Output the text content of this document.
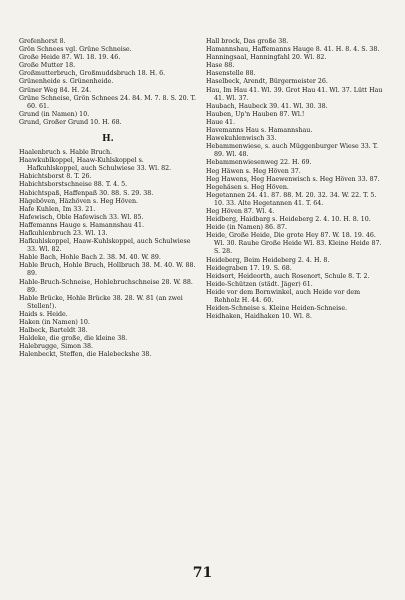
Grefenhorst 8.

Grön Schnees vgl. Grüne Schneise.

Große Heide 87. Wl. 18. 19. 46.

Große Mutter 18.

Großmutterbruch, Großmuddsbruch 18. H. 6.

Grünenheide s. Grünenheide.

Grüner Weg 84. H. 24.

Grüne Schneise, Grön Schnees 24. 84. M. 7. 8. S. 20. T. 60. 61.

Grund (in Namen) 10.

Grund, Großer Grund 10. H. 68.

H.

Haalenbruch s. Hable Bruch.

Haawkublkoppel, Haaw-Kuhlskoppel s. Hafkuhlskoppel, auch Schulwiese 33. Wl. 82.

Habichtsborst 8. T. 26.

Habichtsborstschneise 88. T. 4. 5.

Habichtspaß, Haffenpaß 30. 88. S. 29. 38.

Hägeböven, Häzhöven s. Heg Höven.

Hafe Kuhlen, Im 33. 21.

Hafewisch, Oble Hafewisch 33. Wl. 85.

Haffemanns Hauge s. Hamannshau 41.

Hafkuhlenbruch 23. Wl. 13.

Hafkuhlskoppel, Haaw-Kuhlskoppel, auch Schulwiese 33. Wl. 82.

Hable Bach, Hohle Bach 2. 38. M. 40. W. 89.

Hable Bruch, Hohle Bruch, Hollbruch 38. M. 40. W. 88. 89.

Hable-Bruch-Schneise, Hohlebruchschneise 28. W. 88. 89.

Hable Brücke, Hohle Brücke 38. 28. W. 81 (an zwei Stellen!).

Haids s. Heide.

Haken (in Namen) 10.

Halbeck, Barteldt 38.

Haldeke, die große, die kleine 38.

Halebrugge, Simon 38.

Halenbeckt, Steffen, die Halebeckshe 38.

Hall brock, Das große 38.

Hamannshau, Haffemanns Hauge 8. 41. H. 8. 4. S. 38.

Hanningsaal, Hanningfahl 20. Wl. 82.

Hase 88.

Hasenstelle 88.

Haselbeck, Arendt, Bürgermeister 26.

Hau, Im Hau 41. Wl. 39. Grot Hau 41. Wl. 37. Lütt Hau 41. Wl. 37.

Haubach, Haubeck 39. 41. Wl. 30. 38.

Hauben, Up'n Hauben 87. Wl.!

Haue 41.

Havemanns Hau s. Hamannshau.

Hawekuhlenwisch 33.

Hebammenwiese, s. auch Müggenburger Wiese 33. T. 89. Wl. 48.

Hebammenwiesenweg 22. H. 69.

Heg Häwen s. Heg Höven 37.

Heg Hawens, Heg Haewenwisch s. Heg Höven 33. 87.

Hegehäsen s. Heg Höven.

Hegetannen 24. 41. 87. 88. M. 20. 32. 34. W. 22. T. 5. 10. 33. Alte Hegetannen 41. T. 64.

Heg Höven 87. Wl. 4.

Heidberg, Haidbarg s. Heideberg 2. 4. 10. H. 8. 10.

Heide (in Namen) 86. 87.

Heide, Große Heide, Die grote Hey 87. W. 18. 19. 46. Wl. 30. Rauhe Große Heide Wl. 83. Kleine Heide 87. S. 28.

Heideberg, Beim Heideberg 2. 4. H. 8.

Heidegraben 17. 19. S. 68.

Heidsort, Heideorth, auch Rosenort, Schule 8. T. 2.

Heide-Schützen (städt. Jäger) 61.

Heide vor dem Bornwinkel, auch Heide vor dem Rehholz H. 44. 60.

Heiden-Schneise s. Kleine Heiden-Schneise.

Heidhaken, Haidhaken 10. Wl. 8.

71
